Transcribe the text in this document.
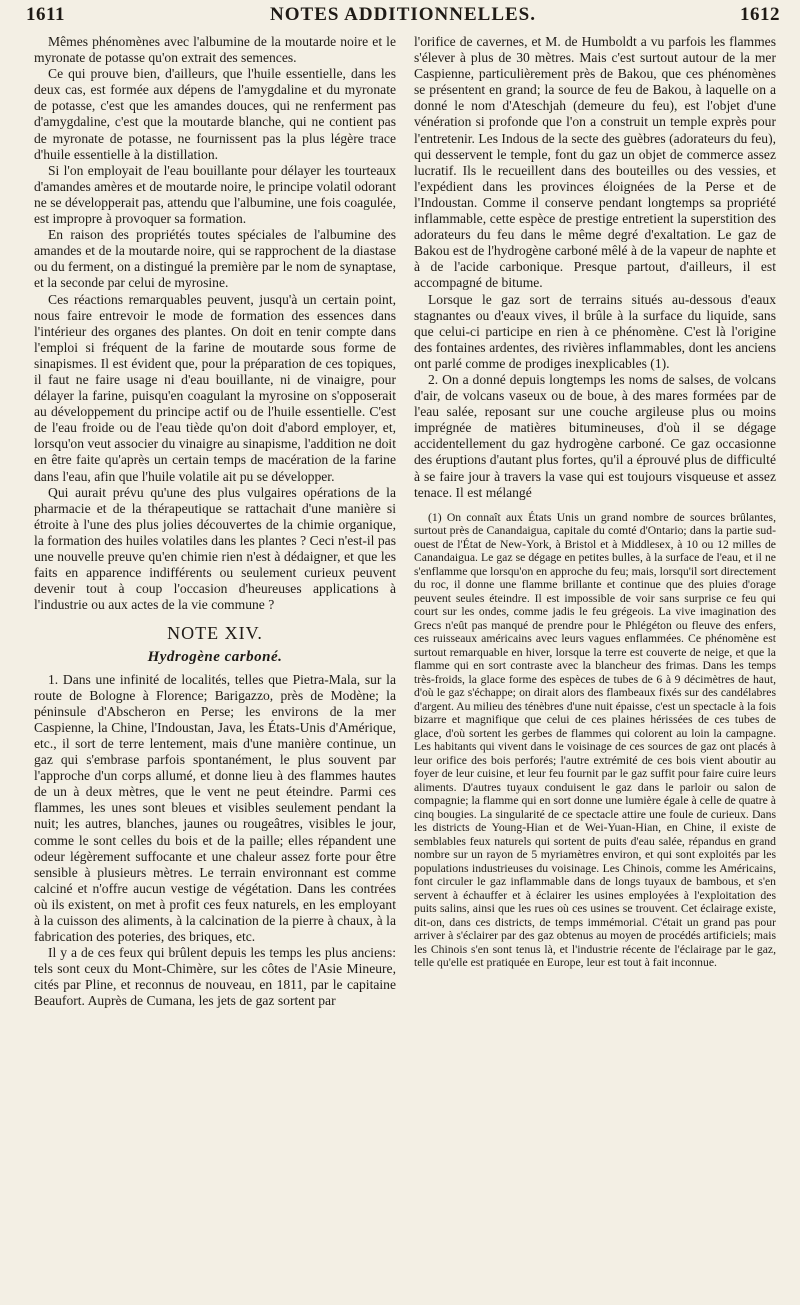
1611	NOTES ADDITIONNELLES.	1612

Mêmes phénomènes avec l'albumine de la moutarde noire et le myronate de potasse qu'on extrait des semences.

Ce qui prouve bien, d'ailleurs, que l'huile essentielle, dans les deux cas, est formée aux dépens de l'amygdaline et du myronate de potasse, c'est que les amandes douces, qui ne renferment pas d'amygdaline, c'est que la moutarde blanche, qui ne contient pas de myronate de potasse, ne fournissent pas la plus légère trace d'huile essentielle à la distillation.

Si l'on employait de l'eau bouillante pour délayer les tourteaux d'amandes amères et de moutarde noire, le principe volatil odorant ne se développerait pas, attendu que l'albumine, une fois coagulée, est impropre à provoquer sa formation.

En raison des propriétés toutes spéciales de l'albumine des amandes et de la moutarde noire, qui se rapprochent de la diastase ou du ferment, on a distingué la première par le nom de synaptase, et la seconde par celui de myrosine.

Ces réactions remarquables peuvent, jusqu'à un certain point, nous faire entrevoir le mode de formation des essences dans l'intérieur des organes des plantes. On doit en tenir compte dans l'emploi si fréquent de la farine de moutarde sous forme de sinapismes. Il est évident que, pour la préparation de ces topiques, il faut ne faire usage ni d'eau bouillante, ni de vinaigre, pour délayer la farine, puisqu'en coagulant la myrosine on s'opposerait au développement du principe actif ou de l'huile essentielle. C'est de l'eau froide ou de l'eau tiède qu'on doit d'abord employer, et, lorsqu'on veut associer du vinaigre au sinapisme, l'addition ne doit en être faite qu'après un certain temps de macération de la farine dans l'eau, afin que l'huile volatile ait pu se développer.

Qui aurait prévu qu'une des plus vulgaires opérations de la pharmacie et de la thérapeutique se rattachait d'une manière si étroite à l'une des plus jolies découvertes de la chimie organique, la formation des huiles volatiles dans les plantes ? Ceci n'est-il pas une nouvelle preuve qu'en chimie rien n'est à dédaigner, et que les faits en apparence indifférents ou seulement curieux peuvent devenir tout à coup l'occasion d'heureuses applications à l'industrie ou aux actes de la vie commune ?

NOTE XIV.
Hydrogène carboné.

1. Dans une infinité de localités, telles que Pietra-Mala, sur la route de Bologne à Florence; Barigazzo, près de Modène; la péninsule d'Abscheron en Perse; les environs de la mer Caspienne, la Chine, l'Indoustan, Java, les États-Unis d'Amérique, etc., il sort de terre lentement, mais d'une manière continue, un gaz qui s'embrase parfois spontanément, le plus souvent par l'approche d'un corps allumé, et donne lieu à des flammes hautes de un à deux mètres, que le vent ne peut éteindre. Parmi ces flammes, les unes sont bleues et visibles seulement pendant la nuit; les autres, blanches, jaunes ou rougeâtres, visibles le jour, comme le sont celles du bois et de la paille; elles répandent une odeur légèrement suffocante et une chaleur assez forte pour être sensible à plusieurs mètres. Le terrain environnant est comme calciné et n'offre aucun vestige de végétation. Dans les contrées où ils existent, on met à profit ces feux naturels, en les employant à la cuisson des aliments, à la calcination de la pierre à chaux, à la fabrication des poteries, des briques, etc.

Il y a de ces feux qui brûlent depuis les temps les plus anciens: tels sont ceux du Mont-Chimère, sur les côtes de l'Asie Mineure, cités par Pline, et reconnus de nouveau, en 1811, par le capitaine Beaufort. Auprès de Cumana, les jets de gaz sortent par

l'orifice de cavernes, et M. de Humboldt a vu parfois les flammes s'élever à plus de 30 mètres. Mais c'est surtout autour de la mer Caspienne, particulièrement près de Bakou, que ces phénomènes se présentent en grand; la source de feu de Bakou, à laquelle on a donné le nom d'Ateschjah (demeure du feu), est l'objet d'une vénération si profonde que l'on a construit un temple exprès pour l'entretenir. Les Indous de la secte des guèbres (adorateurs du feu), qui desservent le temple, font du gaz un objet de commerce assez lucratif. Ils le recueillent dans des bouteilles ou des vessies, et l'expédient dans les provinces éloignées de la Perse et de l'Indoustan. Comme il conserve pendant longtemps sa propriété inflammable, cette espèce de prestige entretient la superstition des adorateurs du feu dans le même degré d'exaltation. Le gaz de Bakou est de l'hydrogène carboné mêlé à de la vapeur de naphte et à de l'acide carbonique. Presque partout, d'ailleurs, il est accompagné de bitume.

Lorsque le gaz sort de terrains situés au-dessous d'eaux stagnantes ou d'eaux vives, il brûle à la surface du liquide, sans que celui-ci participe en rien à ce phénomène. C'est là l'origine des fontaines ardentes, des rivières inflammables, dont les anciens ont parlé comme de prodiges inexplicables (1).

2. On a donné depuis longtemps les noms de salses, de volcans d'air, de volcans vaseux ou de boue, à des mares formées par de l'eau salée, reposant sur une couche argileuse plus ou moins imprégnée de matières bitumineuses, d'où il se dégage accidentellement du gaz hydrogène carboné. Ce gaz occasionne des éruptions d'autant plus fortes, qu'il a éprouvé plus de difficulté à se faire jour à travers la vase qui est toujours visqueuse et assez tenace. Il est mélangé

(1) On connaît aux États Unis un grand nombre de sources brûlantes, surtout près de Canandaigua, capitale du comté d'Ontario; dans la partie sud-ouest de l'État de New-York, à Bristol et à Middlesex, à 10 ou 12 milles de Canandaigua. Le gaz se dégage en petites bulles, à la surface de l'eau, et il ne s'enflamme que lorsqu'on en approche du feu; mais, lorsqu'il sort directement du roc, il donne une flamme brillante et continue que des pluies d'orage peuvent seules éteindre. Il est impossible de voir sans surprise ce feu qui court sur les ondes, comme jadis le feu grégeois. La vive imagination des Grecs n'eût pas manqué de prendre pour le Phlégéton ou fleuve des enfers, ces ruisseaux américains avec leurs vagues enflammées. Ce phénomène est surtout remarquable en hiver, lorsque la terre est couverte de neige, et que la flamme qui en sort contraste avec la blancheur des frimas. Dans les temps très-froids, la glace forme des espèces de tubes de 6 à 9 décimètres de haut, d'où le gaz s'échappe; on dirait alors des flambeaux fixés sur des candélabres d'argent. Au milieu des ténèbres d'une nuit épaisse, c'est un spectacle à la fois bizarre et magnifique que celui de ces plaines hérissées de ces tubes de glace, d'où sortent les gerbes de flammes qui colorent au loin la campagne. Les habitants qui vivent dans le voisinage de ces sources de gaz ont placés à leur orifice des bois perforés; l'autre extrémité de ces bois vient aboutir au foyer de leur cuisine, et leur feu fournit par le gaz suffit pour faire cuire leurs aliments. D'autres tuyaux conduisent le gaz dans le parloir ou salon de compagnie; la flamme qui en sort donne une lumière égale à celle de quatre à cinq bougies. La singularité de ce spectacle attire une foule de curieux. Dans les districts de Young-Hian et de Wei-Yuan-Hian, en Chine, il existe de semblables feux naturels qui sortent de puits d'eau salée, répandus en grand nombre sur un rayon de 5 myriamètres environ, et qui sont exploités par les populations industrieuses du voisinage. Les Chinois, comme les Américains, font circuler le gaz inflammable dans de longs tuyaux de bambous, et s'en servent à échauffer et à éclairer les usines employées à l'exploitation des puits salins, ainsi que les rues où ces usines se trouvent. Cet éclairage existe, dit-on, dans ces districts, de temps immémorial. C'était un grand pas pour arriver à s'éclairer par des gaz obtenus au moyen de procédés artificiels; mais les Chinois s'en sont tenus là, et l'industrie récente de l'éclairage par le gaz, telle qu'elle est pratiquée en Europe, leur est tout à fait inconnue.
